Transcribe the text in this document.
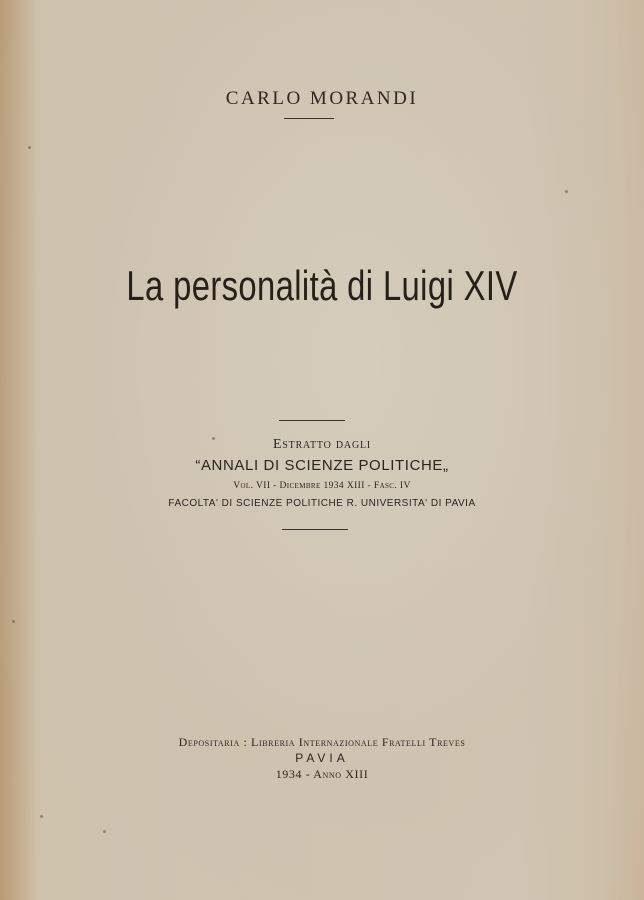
CARLO MORANDI
La personalità di Luigi XIV
Estratto dagli
“ANNALI DI SCIENZE POLITICHE„
Vol. VII - Dicembre 1934 XIII - Fasc. IV
FACOLTA' DI SCIENZE POLITICHE R. UNIVERSITA' DI PAVIA
Depositaria : Libreria Internazionale Fratelli Treves
PAVIA
1934 - Anno XIII
